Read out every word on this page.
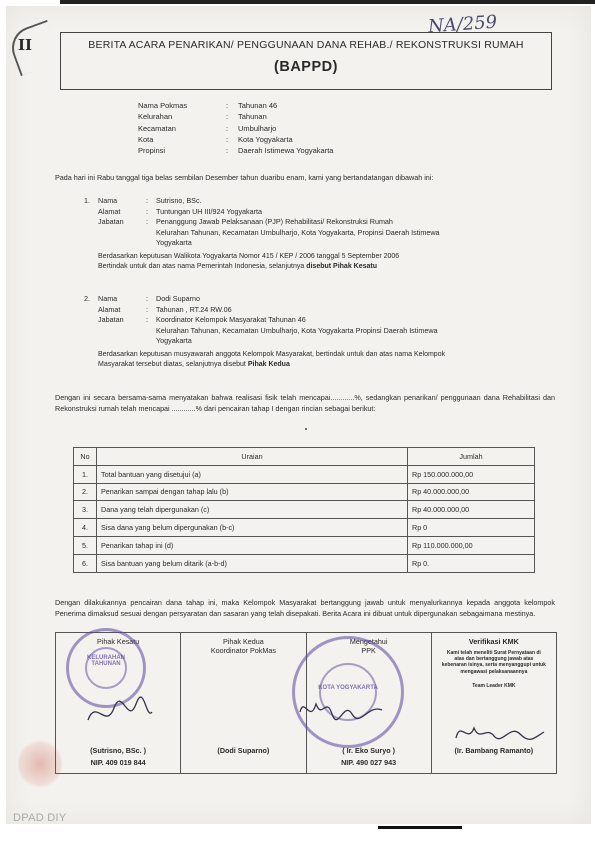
NA/259
II	BERITA ACARA PENARIKAN/ PENGGUNAAN DANA REHAB./ REKONSTRUKSI RUMAH
(BAPPD)
Nama Pokmas	:	Tahunan 46
Kelurahan	:	Tahunan
Kecamatan	:	Umbulharjo
Kota	:	Kota Yogyakarta
Propinsi	:	Daerah Istimewa Yogyakarta
Pada hari ini Rabu tanggal tiga belas sembilan Desember tahun duaribu enam, kami yang bertandatangan dibawah ini:
1.	Nama	:	Sutrisno, BSc.
Alamat	:	Tuntungan UH III/924 Yogyakarta
Jabatan	:	Penanggung Jawab Pelaksanaan (PJP) Rehabilitasi/ Rekonstruksi Rumah
Kelurahan Tahunan, Kecamatan Umbulharjo, Kota Yogyakarta, Propinsi Daerah Istimewa
Yogyakarta
Berdasarkan keputusan Walikota Yogyakarta Nomor 415 / KEP / 2006 tanggal 5 September 2006
Bertindak untuk dan atas nama Pemerintah Indonesia, selanjutnya
disebut Pihak Kesatu
2.	Nama	:	Dodi Suparno
Alamat	:	Tahunan , RT.24 RW.06
Jabatan	:	Koordinator Kelompok Masyarakat Tahunan 46
Kelurahan Tahunan, Kecamatan Umbulharjo, Kota Yogyakarta Propinsi Daerah Istimewa
Yogyakarta
Berdasarkan keputusan musyawarah anggota Kelompok Masyarakat, bertindak untuk dan atas nama Kelompok
Masyarakat tersebut diatas, selanjutnya disebut
Pihak Kedua
Dengan ini secara bersama-sama menyatakan bahwa realisasi fisik telah mencapai............%, sedangkan penarikan/ penggunaan dana Rehabilitasi dan Rekonstruksi rumah telah mencapai ............% dari pencairan tahap I dengan rincian sebagai berikut:
No	Uraian	Jumlah
1.	Total bantuan yang disetujui (a)	Rp 150.000.000,00
2.	Penarikan sampai dengan tahap lalu (b)	Rp 40.000.000,00
3.	Dana yang telah dipergunakan (c)	Rp 40.000.000,00
4.	Sisa dana yang belum dipergunakan (b-c)	Rp 0
5.	Penarikan tahap ini (d)	Rp 110.000.000,00
6.	Sisa bantuan yang belum ditarik (a-b-d)	Rp 0.
Dengan dilakukannya pencairan dana tahap ini, maka Kelompok Masyarakat bertanggung jawab untuk menyalurkannya kepada anggota kelompok Penerima dimaksud sesuai dengan persyaratan dan sasaran yang telah disepakati. Berita Acara ini dibuat untuk dipergunakan sebagaimana mestinya.
Pihak Kesatu
(Sutrisno, BSc. )
NIP. 409 019 844
Pihak Kedua
Koordinator PokMas
(Dodi Suparno)
Mengetahui
PPK
( Ir. Eko Suryo )
NIP. 490 027 943
Verifikasi KMK
Kami telah meneliti Surat Pernyataan di atas dan bertanggung jawab atas kebenaran isinya, serta menyanggupi untuk mengawasi pelaksanaannya
Team Leader KMK
(Ir. Bambang Ramanto)
KELURAHAN TAHUNAN
KOTA YOGYAKARTA
DPAD DIY
